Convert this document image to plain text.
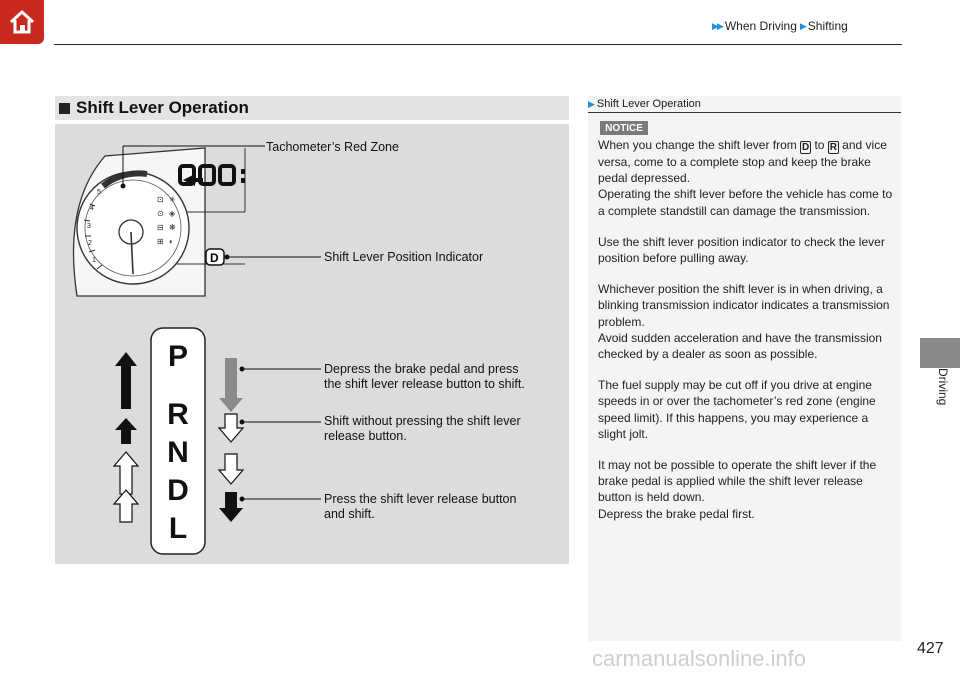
▶▶ When Driving ▶ Shifting
Driving
Shift Lever Operation
1
2
3
4
5
6
7 8
⊡
⊙
⊟
⊞
✳
◈
❋
◐
D
P
R
N
D
L
Tachometer’s Red Zone
Shift Lever Position Indicator
Depress the brake pedal and press
the shift lever release button to shift.
Shift without pressing the shift lever
release button.
Press the shift lever release button
and shift.
▶ Shift Lever Operation
NOTICE

When you change the shift lever from D to R and vice versa, come to a complete stop and keep the brake pedal depressed.
Operating the shift lever before the vehicle has come to a complete standstill can damage the transmission.

Use the shift lever position indicator to check the lever position before pulling away.

Whichever position the shift lever is in when driving, a blinking transmission indicator indicates a transmission problem.
Avoid sudden acceleration and have the transmission checked by a dealer as soon as possible.

The fuel supply may be cut off if you drive at engine speeds in or over the tachometer’s red zone (engine speed limit). If this happens, you may experience a slight jolt.

It may not be possible to operate the shift lever if the brake pedal is applied while the shift lever release button is held down.
Depress the brake pedal first.

427
carmanualsonline.info
